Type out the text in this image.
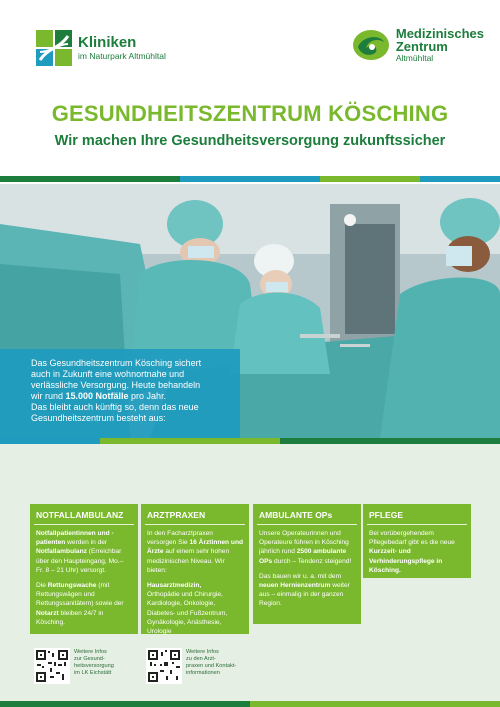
Kliniken
im Naturpark Altmühltal
Medizinisches
Zentrum
Altmühltal
GESUNDHEITSZENTRUM KÖSCHING
Wir machen Ihre Gesundheitsversorgung zukunftssicher
Das Gesundheitszentrum Kösching sichert
auch in Zukunft eine wohnortnahe und
verlässliche Versorgung. Heute behandeln
wir rund 15.000 Notfälle pro Jahr.
Das bleibt auch künftig so, denn das neue
Gesundheitszentrum besteht aus:
NOTFALLAMBULANZ

Notfallpatientinnen und -patienten werden in der Notfallambulanz (Erreichbar über den Haupteingang, Mo.– Fr. 8 – 21 Uhr) versorgt.

Die Rettungswache (mit Rettungswägen und Rettungssanitätern) sowie der Notarzt bleiben 24/7 in Kösching.

ARZTPRAXEN

In den Facharztpraxen versorgen Sie 16 Ärztinnen und Ärzte auf einem sehr hohen medizinischen Niveau. Wir bieten:

Hausarztmedizin,
Orthopädie und Chirurgie,
Kardiologie, Onkologie,
Diabetes- und Fußzentrum,
Gynäkologie, Anästhesie, Urologie
AMBULANTE OPs

Unsere Operateurinnen und Operateure führen in Kösching jährlich rund 2500 ambulante OPs durch – Tendenz steigend!

Das bauen wir u. a. mit dem neuen Hernienzentrum weiter aus – einmalig in der ganzen Region.

PFLEGE

Bei vorübergehendem Pflegebedarf gibt es die neue Kurzzeit- und Verhinderungspflege in Kösching.

Weitere Infos
zur Gesund-
heitsversorgung
im LK Eichstätt
Weitere Infos
zu den Arzt-
praxen und Kontakt-
informationen
